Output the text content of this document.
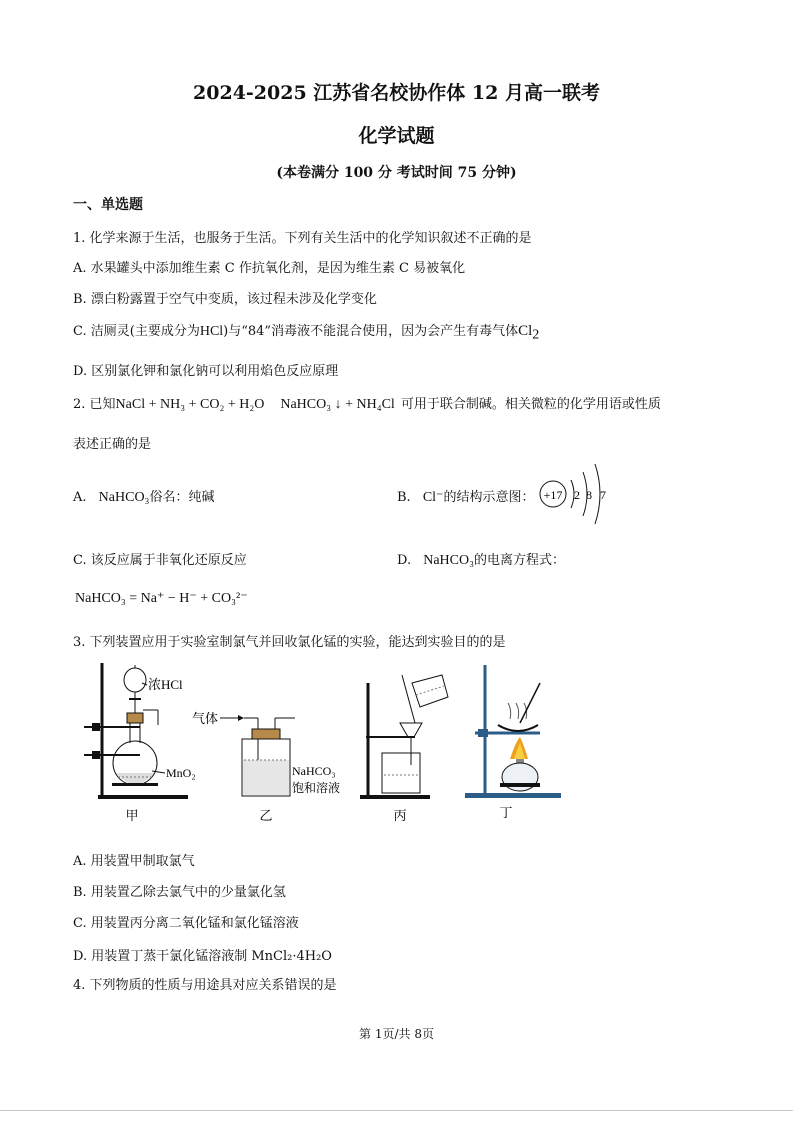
2024-2025 江苏省名校协作体 12 月高一联考
化学试题
(本卷满分 100 分 考试时间 75 分钟)
一、单选题
1. 化学来源于生活，也服务于生活。下列有关生活中的化学知识叙述不正确的是
A. 水果罐头中添加维生素 C 作抗氧化剂，是因为维生素 C 易被氧化
B. 漂白粉露置于空气中变质，该过程未涉及化学变化
C. 洁厕灵(主要成分为HCl)与“84”消毒液不能混合使用，因为会产生有毒气体$Cl_2$
D. 区别氯化钾和氯化钠可以利用焰色反应原理
2. 已知NaCl + NH₃ + CO₂ + H₂O NaHCO₃ ↓ + NH₄Cl 可用于联合制碱。相关微粒的化学用语或性质
表述正确的是
A. NaHCO₃俗名：纯碱	B. Cl⁻的结构示意图： +17 2 8 7
C. 该反应属于非氧化还原反应	D. NaHCO₃的电离方程式：
NaHCO₃ = Na⁺ − H⁻ + CO₃²⁻
3. 下列装置应用于实验室制氯气并回收氯化锰的实验，能达到实验目的的是
浓HCl
MnO₂
气体
NaHCO₃
饱和溶液
甲	乙	丙	丁
A. 用装置甲制取氯气
B. 用装置乙除去氯气中的少量氯化氢
C. 用装置丙分离二氧化锰和氯化锰溶液
D. 用装置丁蒸干氯化锰溶液制 MnCl₂·4H₂O
4. 下列物质的性质与用途具对应关系错误的是
第 1页/共 8页
